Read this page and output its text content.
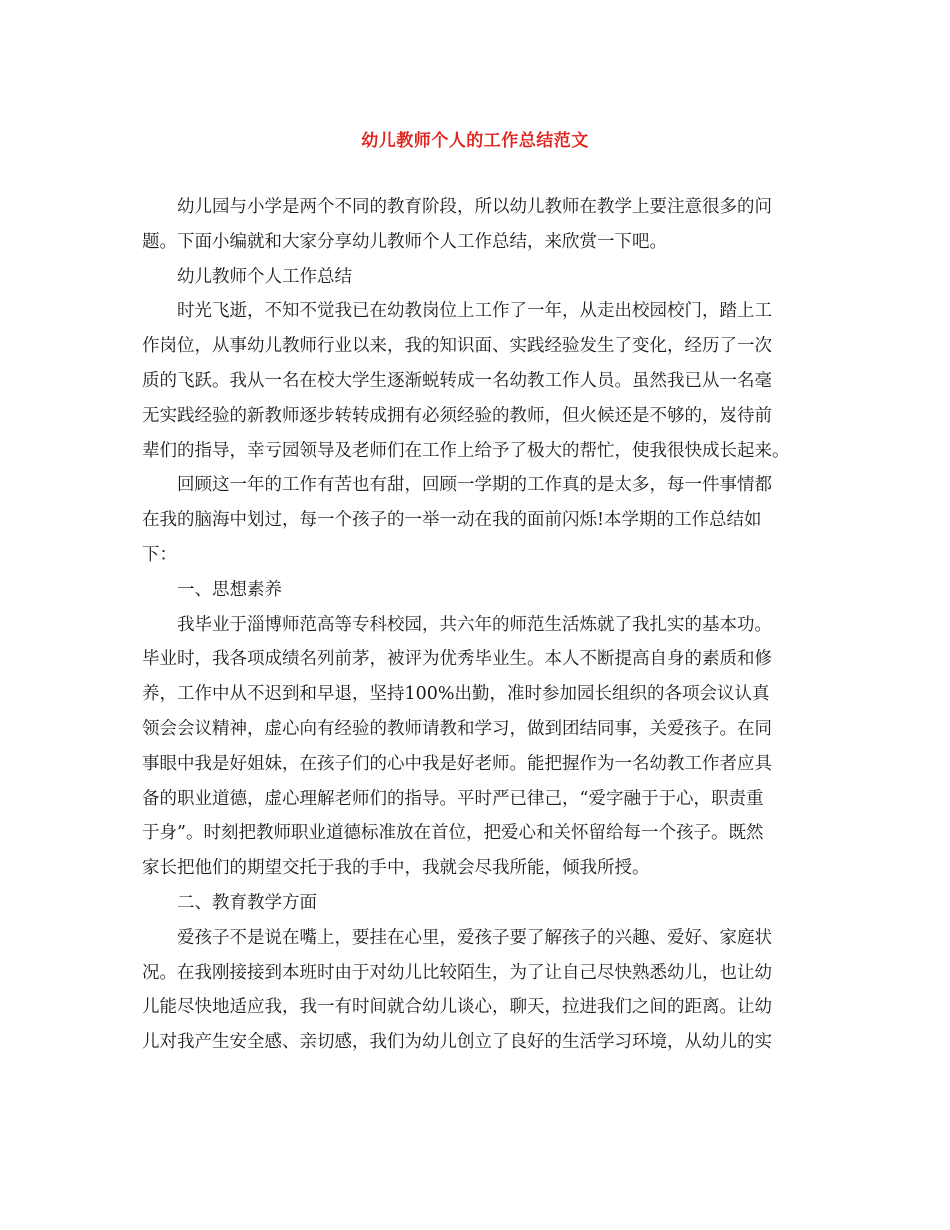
幼儿教师个人的工作总结范文
幼儿园与小学是两个不同的教育阶段，所以幼儿教师在教学上要注意很多的问
题。下面小编就和大家分享幼儿教师个人工作总结，来欣赏一下吧。
幼儿教师个人工作总结
时光飞逝，不知不觉我已在幼教岗位上工作了一年，从走出校园校门，踏上工
作岗位，从事幼儿教师行业以来，我的知识面、实践经验发生了变化，经历了一次
质的飞跃。我从一名在校大学生逐渐蜕转成一名幼教工作人员。虽然我已从一名毫
无实践经验的新教师逐步转转成拥有必须经验的教师，但火候还是不够的，岌待前
辈们的指导，幸亏园领导及老师们在工作上给予了极大的帮忙，使我很快成长起来。
回顾这一年的工作有苦也有甜，回顾一学期的工作真的是太多，每一件事情都
在我的脑海中划过，每一个孩子的一举一动在我的面前闪烁!本学期的工作总结如
下：
一、思想素养
我毕业于淄博师范高等专科校园，共六年的师范生活炼就了我扎实的基本功。
毕业时，我各项成绩名列前茅，被评为优秀毕业生。本人不断提高自身的素质和修
养，工作中从不迟到和早退，坚持100%出勤，准时参加园长组织的各项会议认真
领会会议精神，虚心向有经验的教师请教和学习，做到团结同事，关爱孩子。在同
事眼中我是好姐妹，在孩子们的心中我是好老师。能把握作为一名幼教工作者应具
备的职业道德，虚心理解老师们的指导。平时严已律己，“爱字融于于心，职责重
于身”。时刻把教师职业道德标准放在首位，把爱心和关怀留给每一个孩子。既然
家长把他们的期望交托于我的手中，我就会尽我所能，倾我所授。
二、教育教学方面
爱孩子不是说在嘴上，要挂在心里，爱孩子要了解孩子的兴趣、爱好、家庭状
况。在我刚接接到本班时由于对幼儿比较陌生，为了让自己尽快熟悉幼儿，也让幼
儿能尽快地适应我，我一有时间就合幼儿谈心，聊天，拉进我们之间的距离。让幼
儿对我产生安全感、亲切感，我们为幼儿创立了良好的生活学习环境，从幼儿的实
